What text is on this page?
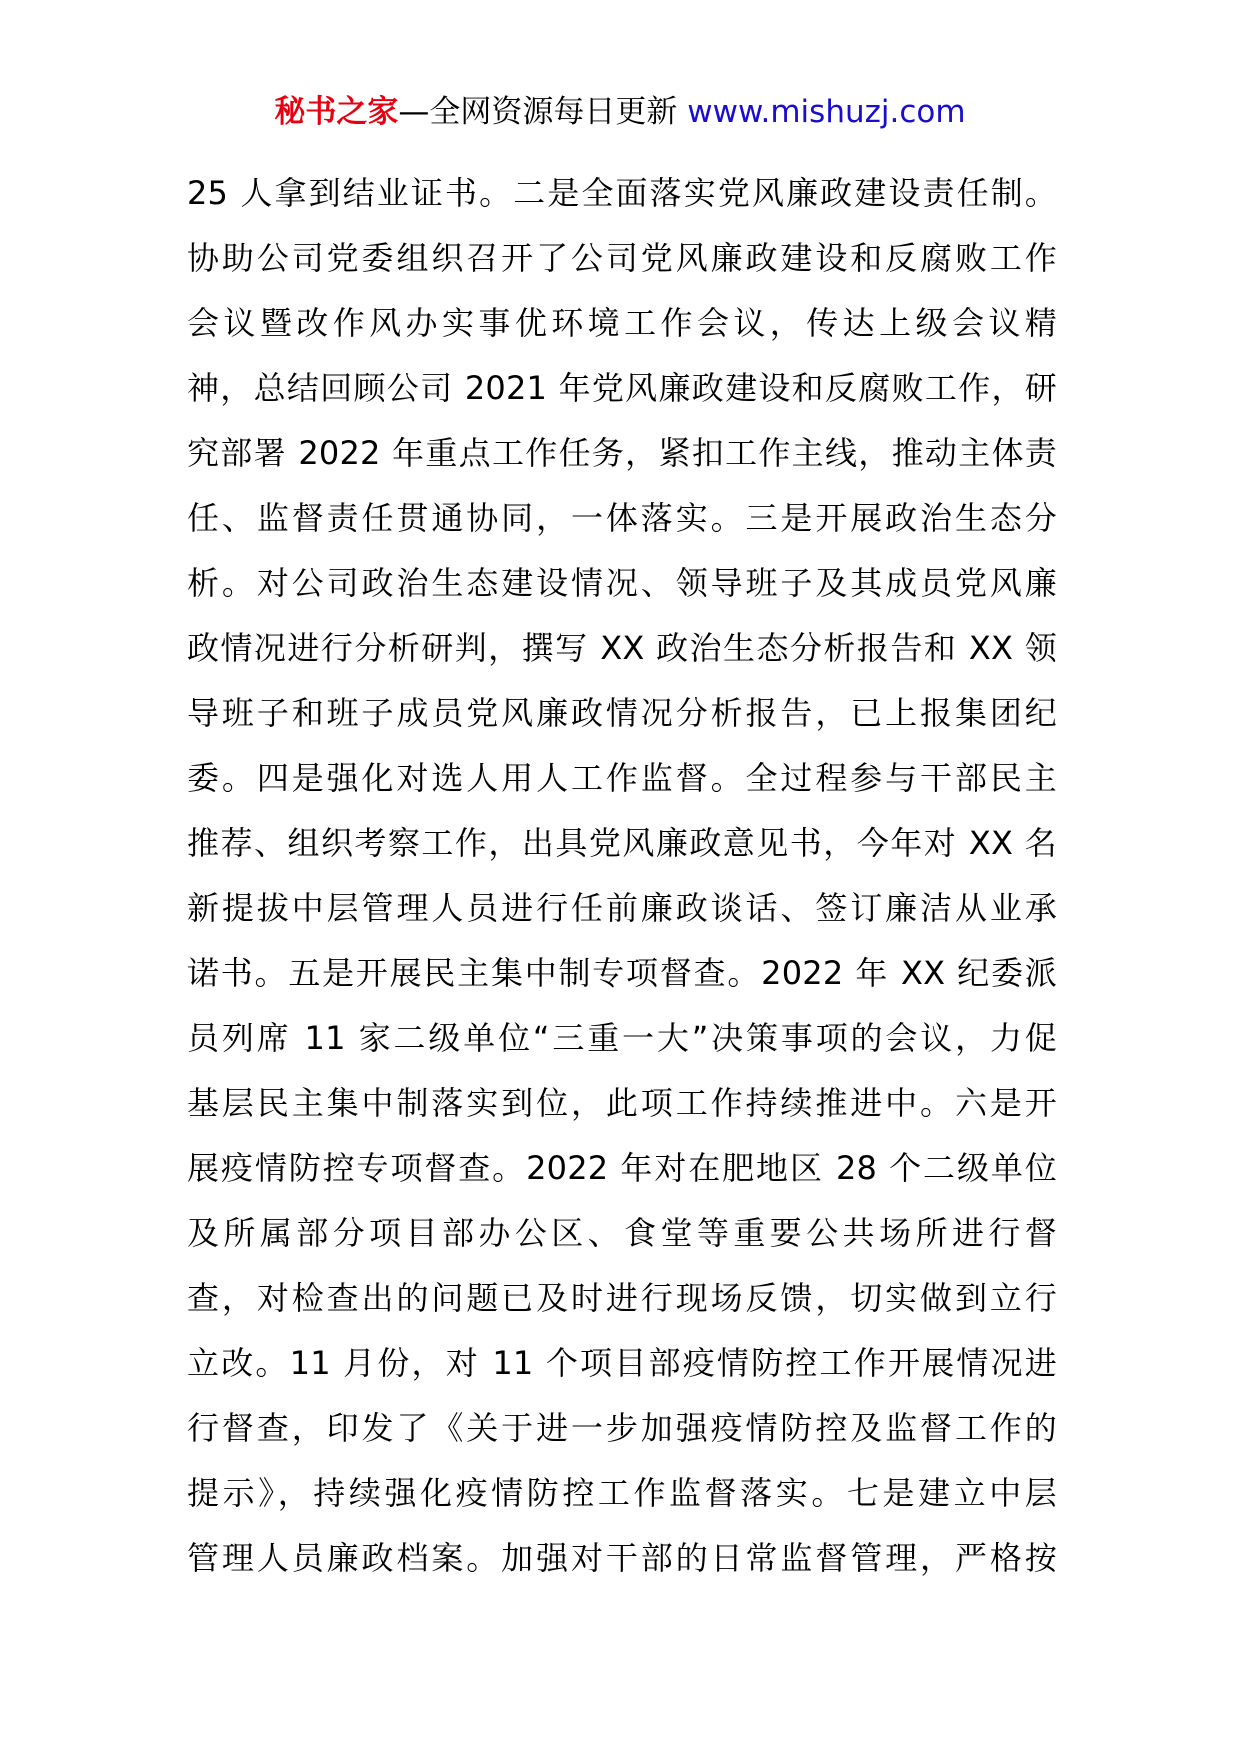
秘书之家—全网资源每日更新 www.mishuzj.com
25 人拿到结业证书。二是全面落实党风廉政建设责任制。
协助公司党委组织召开了公司党风廉政建设和反腐败工作
会议暨改作风办实事优环境工作会议，传达上级会议精
神，总结回顾公司 2021 年党风廉政建设和反腐败工作，研
究部署 2022 年重点工作任务，紧扣工作主线，推动主体责
任、监督责任贯通协同，一体落实。三是开展政治生态分
析。对公司政治生态建设情况、领导班子及其成员党风廉
政情况进行分析研判，撰写 XX 政治生态分析报告和 XX 领
导班子和班子成员党风廉政情况分析报告，已上报集团纪
委。四是强化对选人用人工作监督。全过程参与干部民主
推荐、组织考察工作，出具党风廉政意见书，今年对 XX 名
新提拔中层管理人员进行任前廉政谈话、签订廉洁从业承
诺书。五是开展民主集中制专项督查。2022 年 XX 纪委派
员列席 11 家二级单位“三重一大”决策事项的会议，力促
基层民主集中制落实到位，此项工作持续推进中。六是开
展疫情防控专项督查。2022 年对在肥地区 28 个二级单位
及所属部分项目部办公区、食堂等重要公共场所进行督
查，对检查出的问题已及时进行现场反馈，切实做到立行
立改。11 月份，对 11 个项目部疫情防控工作开展情况进
行督查，印发了《关于进一步加强疫情防控及监督工作的
提示》，持续强化疫情防控工作监督落实。七是建立中层
管理人员廉政档案。加强对干部的日常监督管理，严格按
